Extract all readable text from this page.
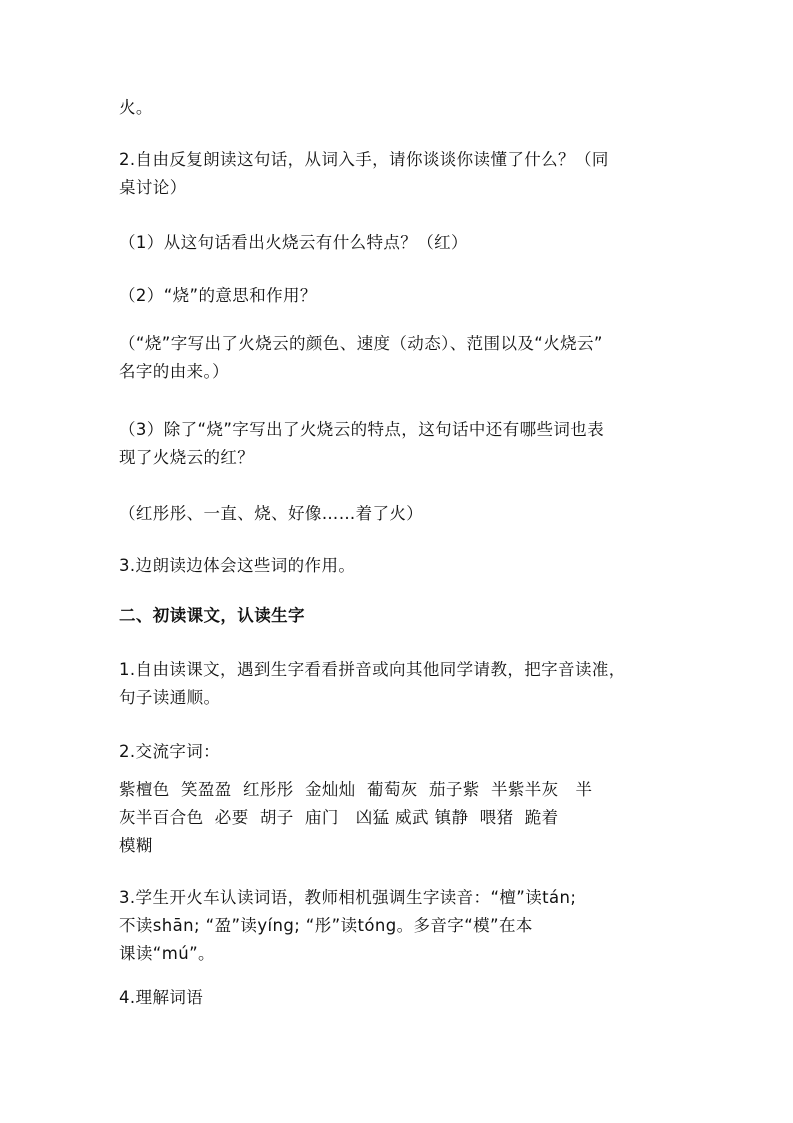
火。

2.自由反复朗读这句话，从词入手，请你谈谈你读懂了什么？（同
桌讨论）

（1）从这句话看出火烧云有什么特点？（红）

（2）“烧”的意思和作用？

（“烧”字写出了火烧云的颜色、速度（动态）、范围以及“火烧云”
名字的由来。）

（3）除了“烧”字写出了火烧云的特点，这句话中还有哪些词也表
现了火烧云的红？

（红彤彤、一直、烧、好像……着了火）

3.边朗读边体会这些词的作用。

二、初读课文，认读生字

1.自由读课文，遇到生字看看拼音或向其他同学请教，把字音读准，
句子读通顺。

2.交流字词：

紫檀色  笑盈盈  红彤彤  金灿灿  葡萄灰  茄子紫  半紫半灰   半
灰半百合色  必要  胡子  庙门   凶猛 威武 镇静  喂猪  跪着
模糊

3.学生开火车认读词语，教师相机强调生字读音：“檀”读tán;
不读shān; “盈”读yíng; “彤”读tóng。多音字“模”在本
课读“mú”。

4.理解词语
